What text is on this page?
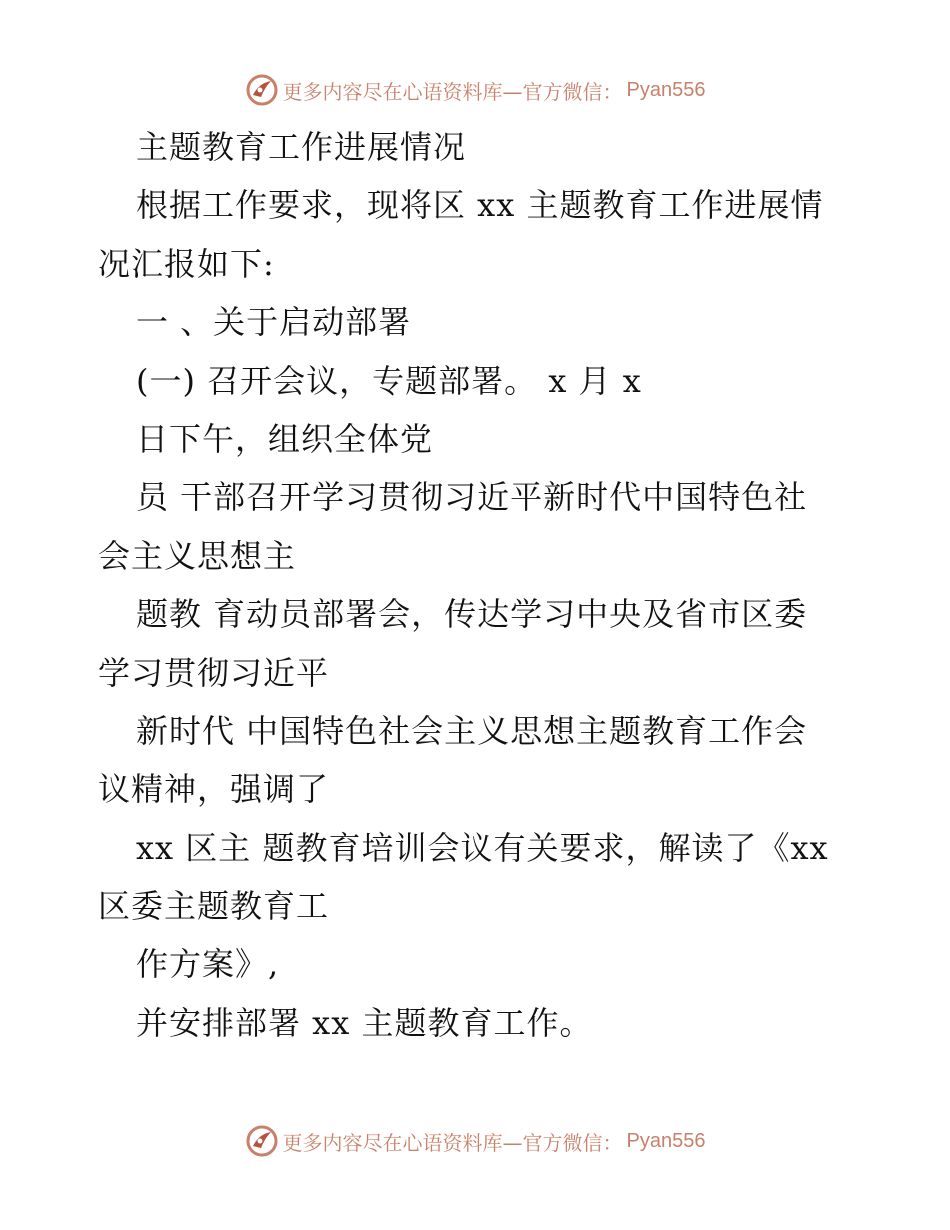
更多内容尽在心语资料库—官方微信： Pyan556
主题教育工作进展情况
根据工作要求，现将区 xx 主题教育工作进展情
况汇报如下:
一 、关于启动部署
(一) 召开会议，专题部署。 x 月 x
日下午，组织全体党
员 干部召开学习贯彻习近平新时代中国特色社
会主义思想主
题教 育动员部署会，传达学习中央及省市区委
学习贯彻习近平
新时代 中国特色社会主义思想主题教育工作会
议精神，强调了
xx 区主 题教育培训会议有关要求，解读了《xx
区委主题教育工
作方案》,
并安排部署 xx 主题教育工作。
更多内容尽在心语资料库—官方微信： Pyan556
